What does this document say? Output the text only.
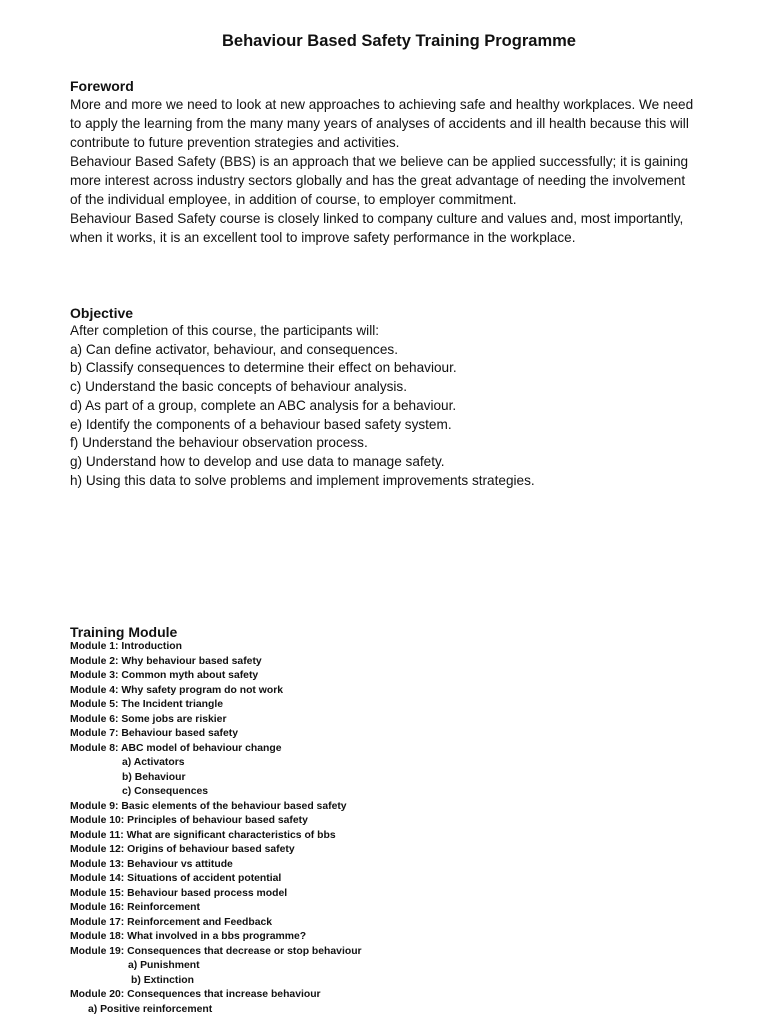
Behaviour Based Safety Training Programme
Foreword

More and more we need to look at new approaches to achieving safe and healthy workplaces. We need to apply the learning from the many many years of analyses of accidents and ill health because this will contribute to future prevention strategies and activities.

Behaviour Based Safety (BBS) is an approach that we believe can be applied successfully; it is gaining more interest across industry sectors globally and has the great advantage of needing the involvement of the individual employee, in addition of course, to employer commitment.

Behaviour Based Safety course is closely linked to company culture and values and, most importantly, when it works, it is an excellent tool to improve safety performance in the workplace.

Objective
After completion of this course, the participants will:
a) Can define activator, behaviour, and consequences.
b) Classify consequences to determine their effect on behaviour.
c) Understand the basic concepts of behaviour analysis.
d) As part of a group, complete an ABC analysis for a behaviour.
e) Identify the components of a behaviour based safety system.
f) Understand the behaviour observation process.
g) Understand how to develop and use data to manage safety.
h) Using this data to solve problems and implement improvements strategies.
Training Module
Module 1: Introduction
Module 2: Why behaviour based safety
Module 3: Common myth about safety
Module 4: Why safety program do not work
Module 5: The Incident triangle
Module 6: Some jobs are riskier
Module 7: Behaviour based safety
Module 8: ABC model of behaviour change
a) Activators
b) Behaviour
c) Consequences
Module 9: Basic elements of the behaviour based safety
Module 10: Principles of behaviour based safety
Module 11: What are significant characteristics of bbs
Module 12: Origins of behaviour based safety
Module 13: Behaviour vs attitude
Module 14: Situations of accident potential
Module 15: Behaviour based process model
Module 16: Reinforcement
Module 17: Reinforcement and Feedback
Module 18: What involved in a bbs programme?
Module 19: Consequences that decrease or stop behaviour
a) Punishment
b) Extinction
Module 20: Consequences that increase behaviour
a) Positive reinforcement
